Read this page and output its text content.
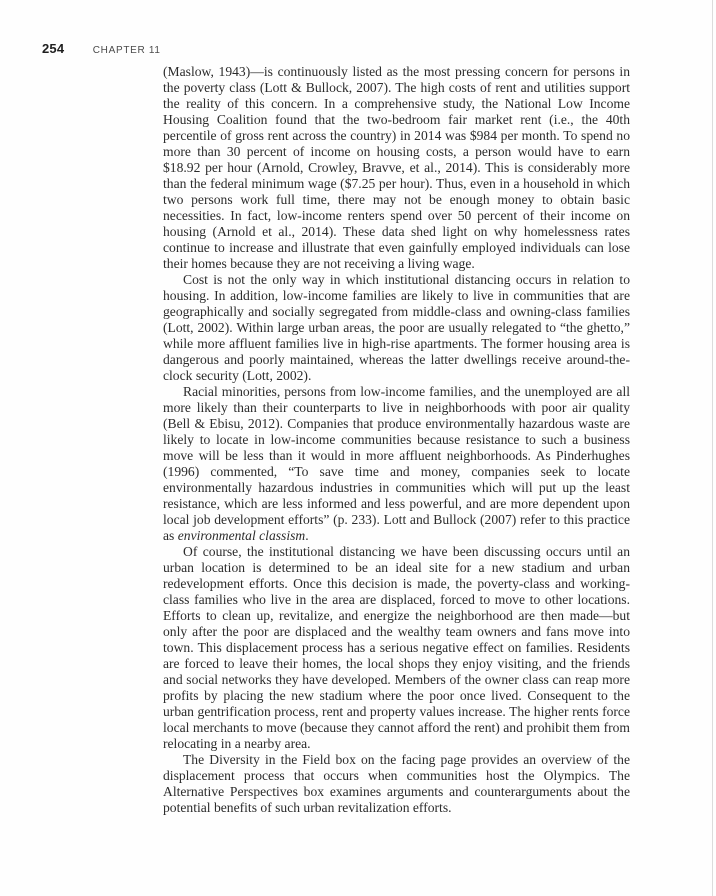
254	CHAPTER 11

(Maslow, 1943)—is continuously listed as the most pressing concern for persons in the poverty class (Lott & Bullock, 2007). The high costs of rent and utilities support the reality of this concern. In a comprehensive study, the National Low Income Housing Coalition found that the two-bedroom fair market rent (i.e., the 40th percentile of gross rent across the country) in 2014 was $984 per month. To spend no more than 30 percent of income on housing costs, a person would have to earn $18.92 per hour (Arnold, Crowley, Bravve, et al., 2014). This is considerably more than the federal minimum wage ($7.25 per hour). Thus, even in a household in which two persons work full time, there may not be enough money to obtain basic necessities. In fact, low-income renters spend over 50 percent of their income on housing (Arnold et al., 2014). These data shed light on why homelessness rates continue to increase and illustrate that even gainfully employed individuals can lose their homes because they are not receiving a living wage.

Cost is not the only way in which institutional distancing occurs in relation to housing. In addition, low-income families are likely to live in communities that are geographically and socially segregated from middle-class and owning-class families (Lott, 2002). Within large urban areas, the poor are usually relegated to “the ghetto,” while more affluent families live in high-rise apartments. The former housing area is dangerous and poorly maintained, whereas the latter dwellings receive around-the-clock security (Lott, 2002).

Racial minorities, persons from low-income families, and the unemployed are all more likely than their counterparts to live in neighborhoods with poor air quality (Bell & Ebisu, 2012). Companies that produce environmentally hazardous waste are likely to locate in low-income communities because resistance to such a business move will be less than it would in more affluent neighborhoods. As Pinderhughes (1996) commented, “To save time and money, companies seek to locate environmentally hazardous industries in communities which will put up the least resistance, which are less informed and less powerful, and are more dependent upon local job development efforts” (p. 233). Lott and Bullock (2007) refer to this practice as environmental classism.

Of course, the institutional distancing we have been discussing occurs until an urban location is determined to be an ideal site for a new stadium and urban redevelopment efforts. Once this decision is made, the poverty-class and working-class families who live in the area are displaced, forced to move to other locations. Efforts to clean up, revitalize, and energize the neighborhood are then made—but only after the poor are displaced and the wealthy team owners and fans move into town. This displacement process has a serious negative effect on families. Residents are forced to leave their homes, the local shops they enjoy visiting, and the friends and social networks they have developed. Members of the owner class can reap more profits by placing the new stadium where the poor once lived. Consequent to the urban gentrification process, rent and property values increase. The higher rents force local merchants to move (because they cannot afford the rent) and prohibit them from relocating in a nearby area.

The Diversity in the Field box on the facing page provides an overview of the displacement process that occurs when communities host the Olympics. The Alternative Perspectives box examines arguments and counterarguments about the potential benefits of such urban revitalization efforts.
